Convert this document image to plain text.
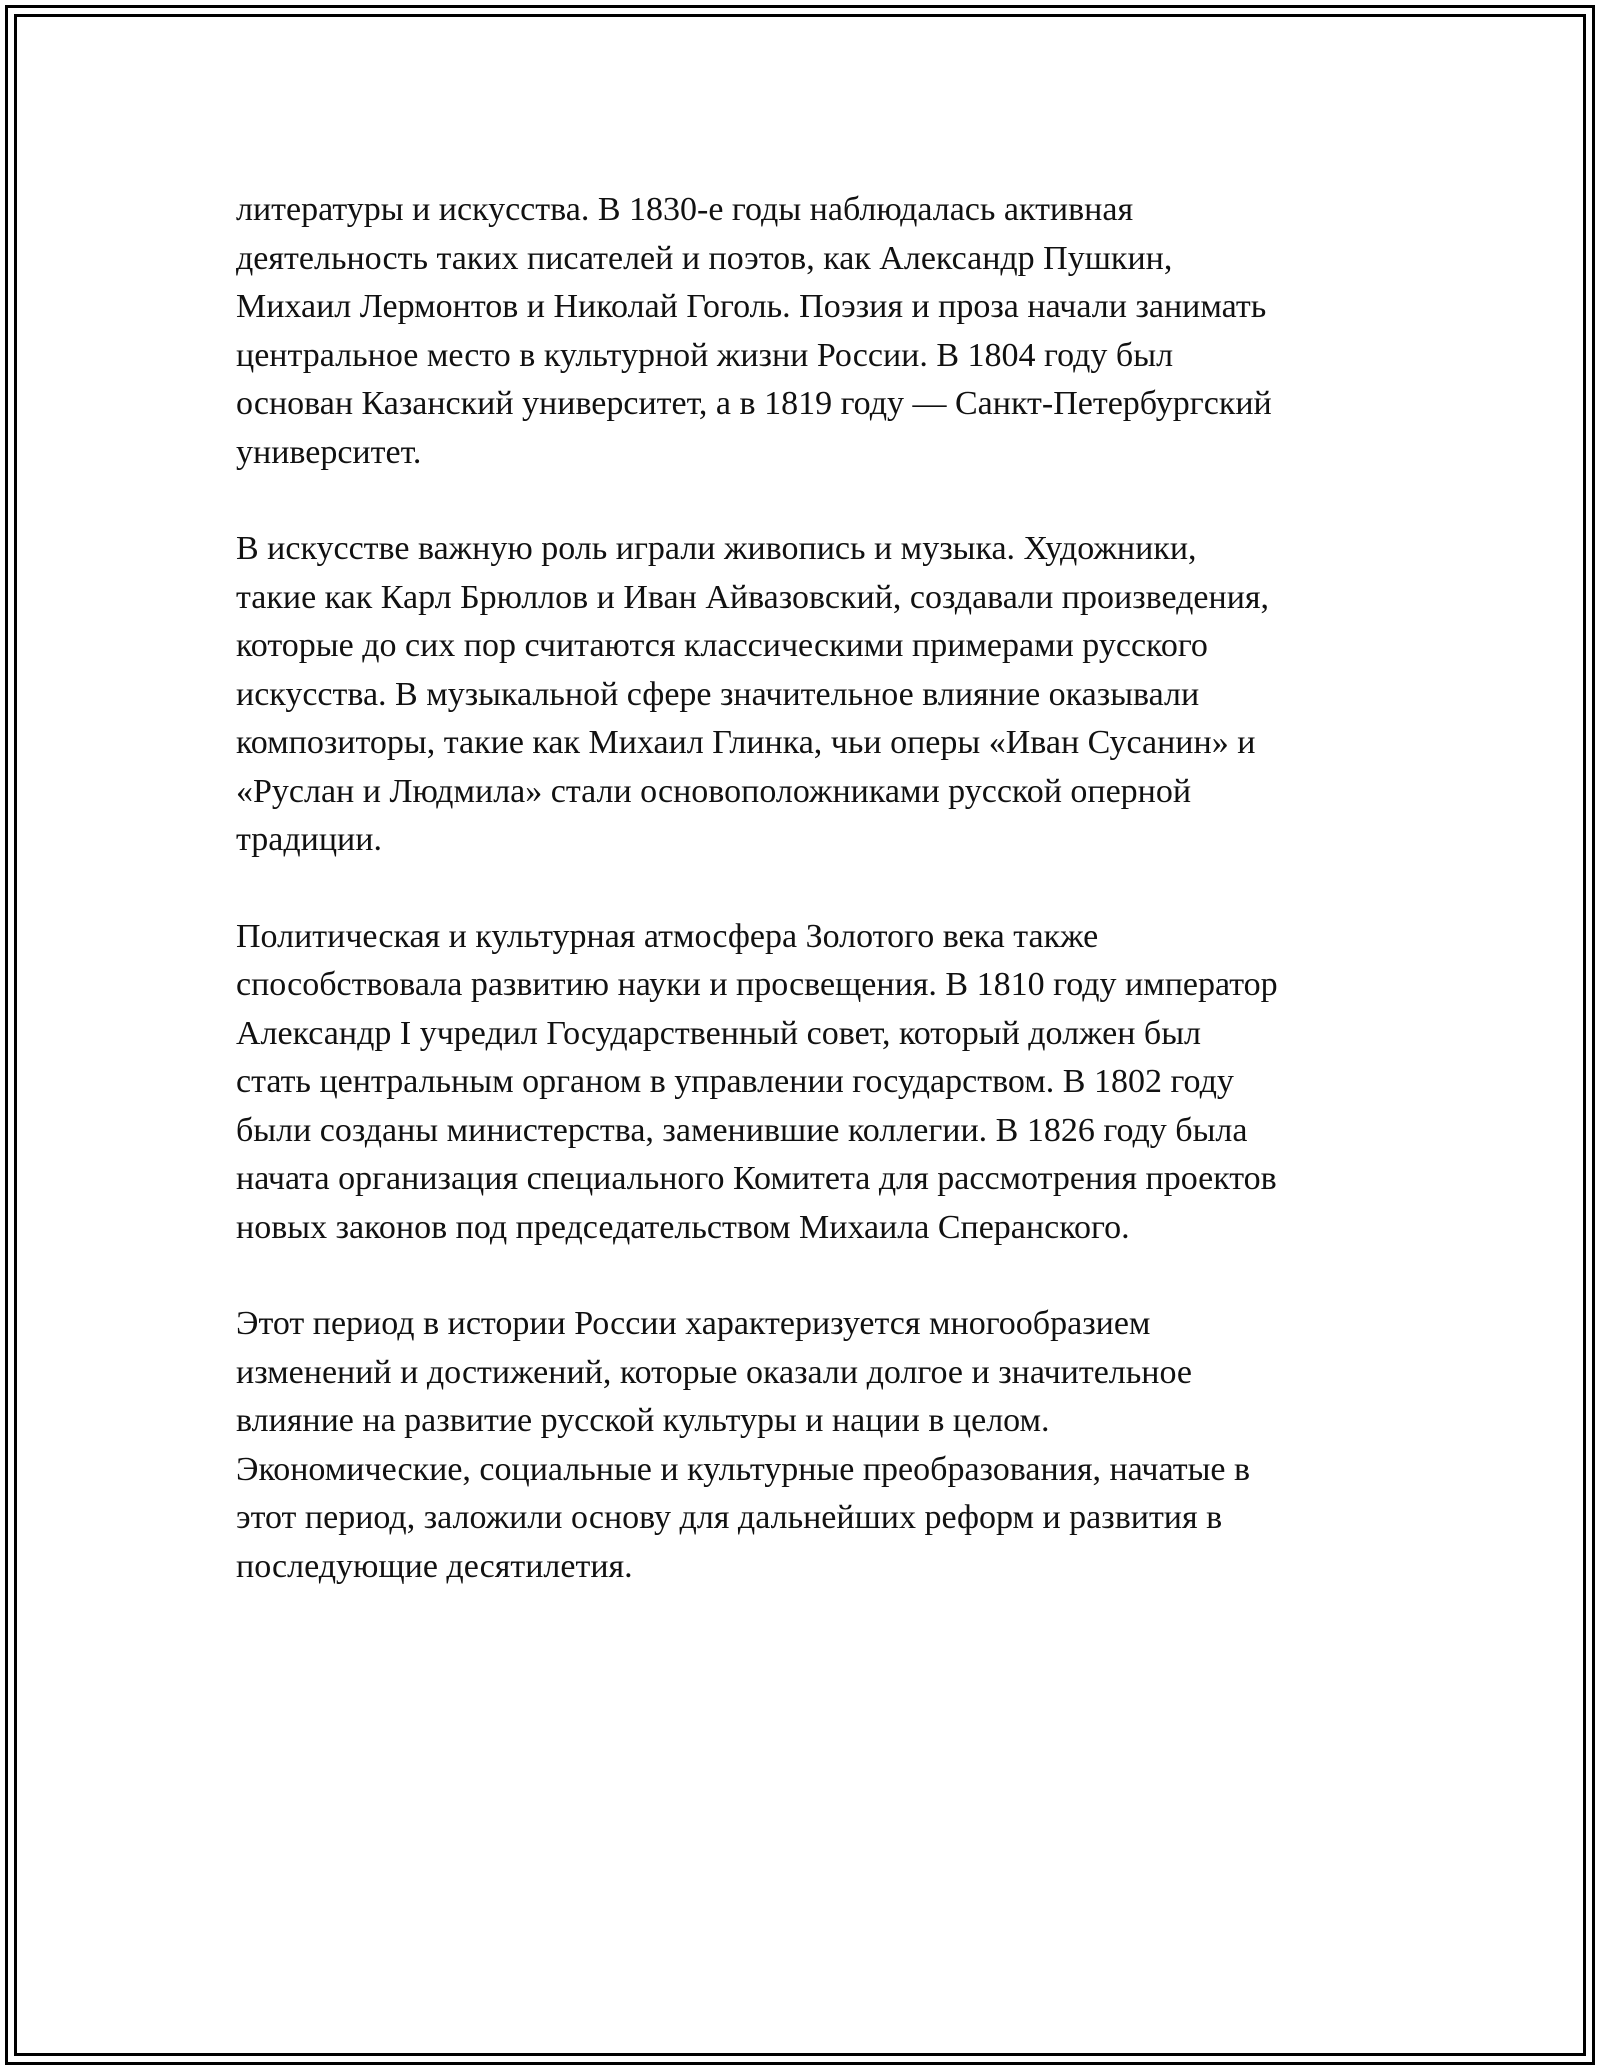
литературы и искусства. В 1830-е годы наблюдалась активная
деятельность таких писателей и поэтов, как Александр Пушкин,
Михаил Лермонтов и Николай Гоголь. Поэзия и проза начали занимать
центральное место в культурной жизни России. В 1804 году был
основан Казанский университет, а в 1819 году — Санкт-Петербургский
университет.

В искусстве важную роль играли живопись и музыка. Художники,
такие как Карл Брюллов и Иван Айвазовский, создавали произведения,
которые до сих пор считаются классическими примерами русского
искусства. В музыкальной сфере значительное влияние оказывали
композиторы, такие как Михаил Глинка, чьи оперы «Иван Сусанин» и
«Руслан и Людмила» стали основоположниками русской оперной
традиции.

Политическая и культурная атмосфера Золотого века также
способствовала развитию науки и просвещения. В 1810 году император
Александр I учредил Государственный совет, который должен был
стать центральным органом в управлении государством. В 1802 году
были созданы министерства, заменившие коллегии. В 1826 году была
начата организация специального Комитета для рассмотрения проектов
новых законов под председательством Михаила Сперанского.

Этот период в истории России характеризуется многообразием
изменений и достижений, которые оказали долгое и значительное
влияние на развитие русской культуры и нации в целом.
Экономические, социальные и культурные преобразования, начатые в
этот период, заложили основу для дальнейших реформ и развития в
последующие десятилетия.
